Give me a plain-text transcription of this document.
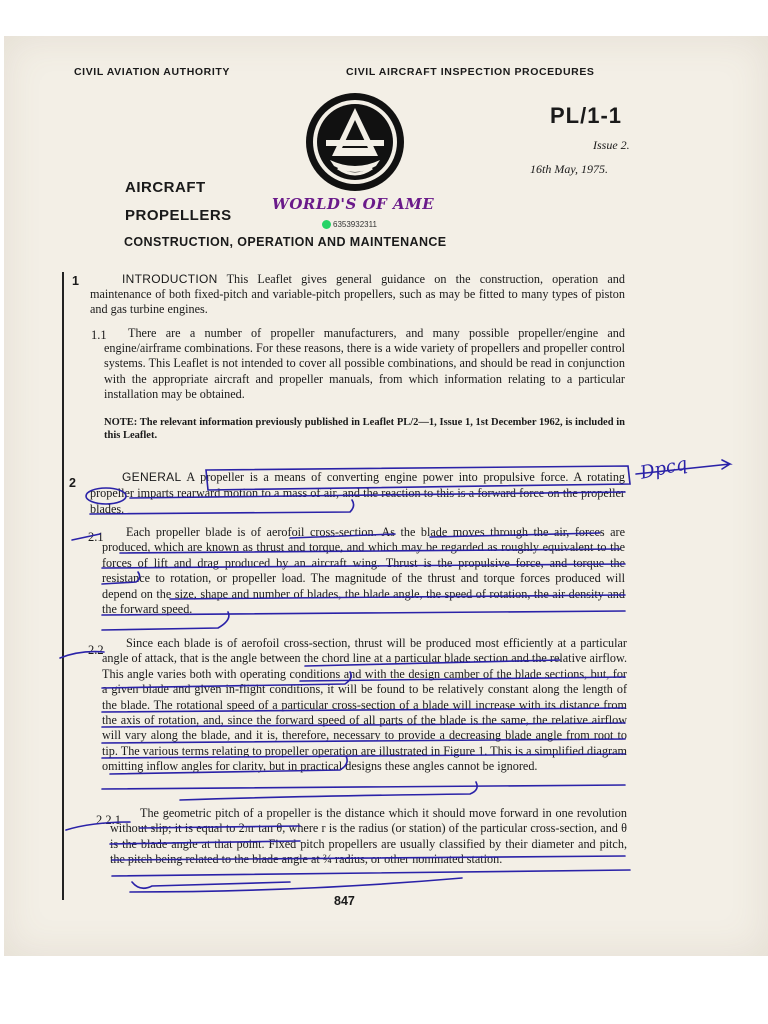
CIVIL AVIATION AUTHORITY	CIVIL AIRCRAFT INSPECTION PROCEDURES
PL/1-1
Issue 2.
16th May, 1975.
AIRCRAFT
PROPELLERS
CONSTRUCTION, OPERATION AND MAINTENANCE
WORLD'S OF AME
6353932311
1	INTRODUCTION This Leaflet gives general guidance on the construction, operation and maintenance of both fixed-pitch and variable-pitch propellers, such as may be fitted to many types of piston and gas turbine engines.

1.1	There are a number of propeller manufacturers, and many possible propeller/engine and engine/airframe combinations. For these reasons, there is a wide variety of propellers and propeller control systems. This Leaflet is not intended to cover all possible combinations, and should be read in conjunction with the appropriate aircraft and propeller manuals, from which information relating to a particular installation may be obtained.

NOTE: The relevant information previously published in Leaflet PL/2—1, Issue 1, 1st December 1962, is included in this Leaflet.

2	GENERAL A propeller is a means of converting engine power into propulsive force. A rotating propeller imparts rearward motion to a mass of air, and the reaction to this is a forward force on the propeller blades.

2.1	Each propeller blade is of aerofoil cross-section. As the blade moves through the air, forces are produced, which are known as thrust and torque, and which may be regarded as roughly equivalent to the forces of lift and drag produced by an aircraft wing. Thrust is the propulsive force, and torque the resistance to rotation, or propeller load. The magnitude of the thrust and torque forces produced will depend on the size, shape and number of blades, the blade angle, the speed of rotation, the air density and the forward speed.

2.2	Since each blade is of aerofoil cross-section, thrust will be produced most efficiently at a particular angle of attack, that is the angle between the chord line at a particular blade section and the relative airflow. This angle varies both with operating conditions and with the design camber of the blade sections, but, for a given blade and given in-flight conditions, it will be found to be relatively constant along the length of the blade. The rotational speed of a particular cross-section of a blade will increase with its distance from the axis of rotation, and, since the forward speed of all parts of the blade is the same, the relative airflow will vary along the blade, and it is, therefore, necessary to provide a decreasing blade angle from root to tip. The various terms relating to propeller operation are illustrated in Figure 1. This is a simplified diagram omitting inflow angles for clarity, but in practical designs these angles cannot be ignored.

2.2.1	The geometric pitch of a propeller is the distance which it should move forward in one revolution without slip; it is equal to 2πr tan θ, where r is the radius (or station) of the particular cross-section, and θ is the blade angle at that point. Fixed pitch propellers are usually classified by their diameter and pitch, the pitch being related to the blade angle at ¾ radius, or other nominated station.

847
Dpcq
